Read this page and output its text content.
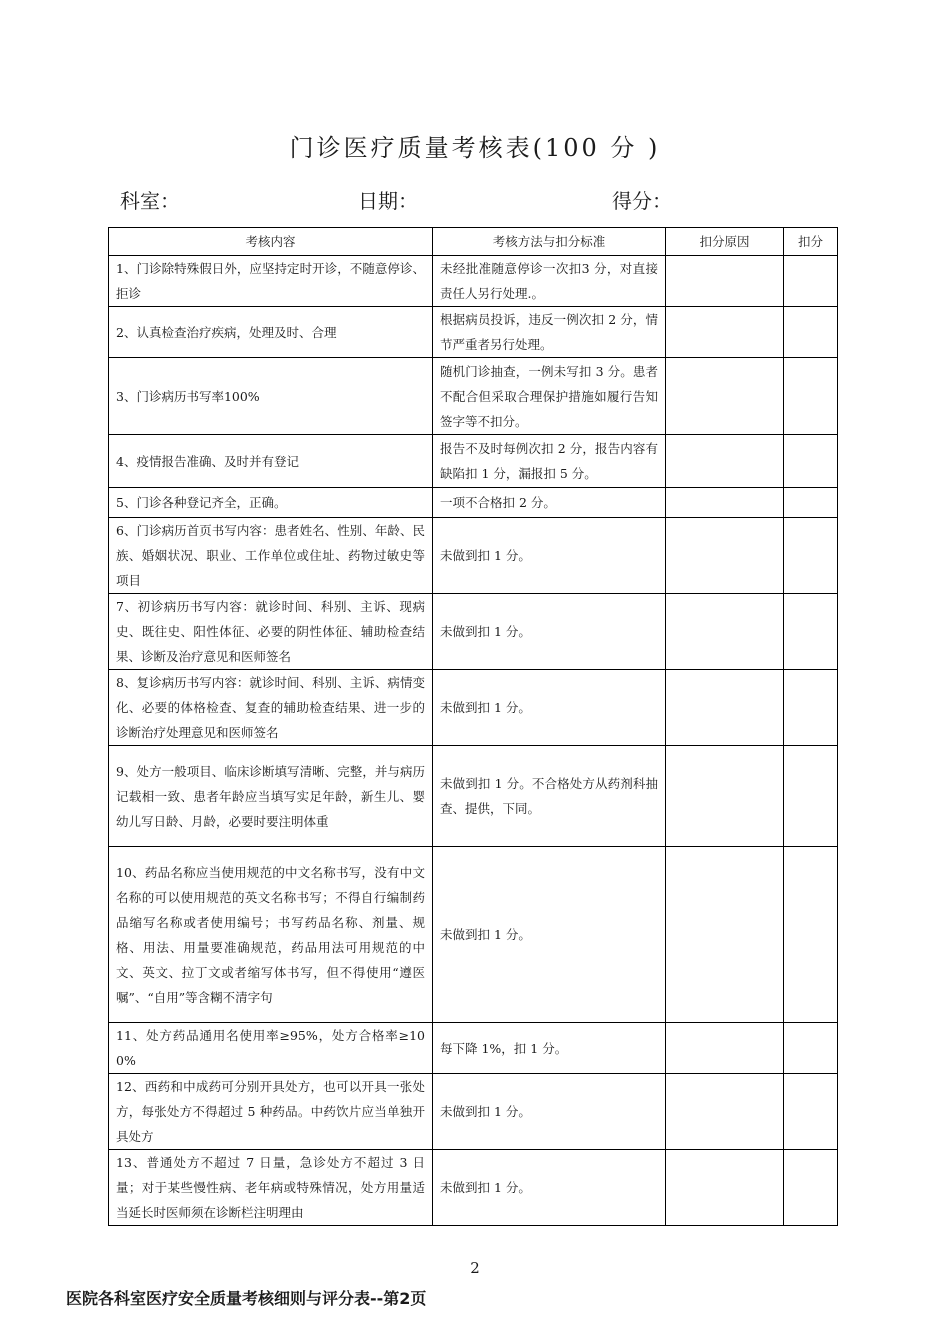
门诊医疗质量考核表(100 分 )
科室：	日期：	得分：
考核内容	考核方法与扣分标准	扣分原因	扣分
1、门诊除特殊假日外，应坚持定时开诊，不随意停诊、拒诊	未经批准随意停诊一次扣3 分，对直接责任人另行处理.。		
2、认真检查治疗疾病，处理及时、合理	根据病员投诉，违反一例次扣 2 分，情节严重者另行处理。		
3、门诊病历书写率100%	随机门诊抽查，一例未写扣 3 分。患者不配合但采取合理保护措施如履行告知签字等不扣分。		
4、疫情报告准确、及时并有登记	报告不及时每例次扣 2 分，报告内容有缺陷扣 1 分，漏报扣 5 分。		
5、门诊各种登记齐全，正确。	一项不合格扣 2 分。		
6、门诊病历首页书写内容：患者姓名、性别、年龄、民族、婚姻状况、职业、工作单位或住址、药物过敏史等项目	未做到扣 1 分。		
7、初诊病历书写内容：就诊时间、科别、主诉、现病史、既往史、阳性体征、必要的阴性体征、辅助检查结果、诊断及治疗意见和医师签名	未做到扣 1 分。		
8、复诊病历书写内容：就诊时间、科别、主诉、病情变化、必要的体格检查、复查的辅助检查结果、进一步的诊断治疗处理意见和医师签名	未做到扣 1 分。		
9、处方一般项目、临床诊断填写清晰、完整，并与病历记载相一致、患者年龄应当填写实足年龄，新生儿、婴幼儿写日龄、月龄，必要时要注明体重	未做到扣 1 分。不合格处方从药剂科抽查、提供，下同。		
10、药品名称应当使用规范的中文名称书写，没有中文名称的可以使用规范的英文名称书写；不得自行编制药品缩写名称或者使用编号；书写药品名称、剂量、规格、用法、用量要准确规范，药品用法可用规范的中文、英文、拉丁文或者缩写体书写，但不得使用“遵医嘱”、“自用”等含糊不清字句	未做到扣 1 分。		
11、处方药品通用名使用率≥95%，处方合格率≥100%	每下降 1%，扣 1 分。		
12、西药和中成药可分别开具处方，也可以开具一张处方，每张处方不得超过 5 种药品。中药饮片应当单独开具处方	未做到扣 1 分。		
13、普通处方不超过 7 日量，急诊处方不超过 3 日量；对于某些慢性病、老年病或特殊情况，处方用量适当延长时医师须在诊断栏注明理由	未做到扣 1 分。		
2
医院各科室医疗安全质量考核细则与评分表--第2页
